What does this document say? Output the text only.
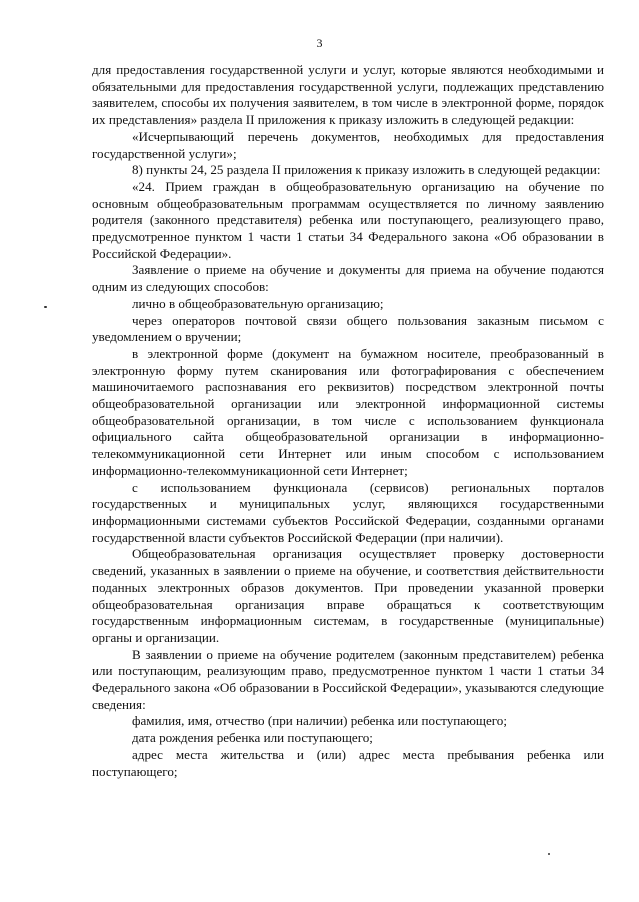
3

для предоставления государственной услуги и услуг, которые являются необходимыми и обязательными для предоставления государственной услуги, подлежащих представлению заявителем, способы их получения заявителем, в том числе в электронной форме, порядок их представления» раздела II приложения к приказу изложить в следующей редакции:

«Исчерпывающий перечень документов, необходимых для предоставления государственной услуги»;

8) пункты 24, 25 раздела II приложения к приказу изложить в следующей редакции:

«24. Прием граждан в общеобразовательную организацию на обучение по основным общеобразовательным программам осуществляется по личному заявлению родителя (законного представителя) ребенка или поступающего, реализующего право, предусмотренное пунктом 1 части 1 статьи 34 Федерального закона «Об образовании в Российской Федерации».

Заявление о приеме на обучение и документы для приема на обучение подаются одним из следующих способов:

лично в общеобразовательную организацию;

через операторов почтовой связи общего пользования заказным письмом с уведомлением о вручении;

в электронной форме (документ на бумажном носителе, преобразованный в электронную форму путем сканирования или фотографирования с обеспечением машиночитаемого распознавания его реквизитов) посредством электронной почты общеобразовательной организации или электронной информационной системы общеобразовательной организации, в том числе с использованием функционала официального сайта общеобразовательной организации в информационно-телекоммуникационной сети Интернет или иным способом с использованием информационно-телекоммуникационной сети Интернет;

с использованием функционала (сервисов) региональных порталов государственных и муниципальных услуг, являющихся государственными информационными системами субъектов Российской Федерации, созданными органами государственной власти субъектов Российской Федерации (при наличии).

Общеобразовательная организация осуществляет проверку достоверности сведений, указанных в заявлении о приеме на обучение, и соответствия действительности поданных электронных образов документов. При проведении указанной проверки общеобразовательная организация вправе обращаться к соответствующим государственным информационным системам, в государственные (муниципальные) органы и организации.

В заявлении о приеме на обучение родителем (законным представителем) ребенка или поступающим, реализующим право, предусмотренное пунктом 1 части 1 статьи 34 Федерального закона «Об образовании в Российской Федерации», указываются следующие сведения:

фамилия, имя, отчество (при наличии) ребенка или поступающего;

дата рождения ребенка или поступающего;

адрес места жительства и (или) адрес места пребывания ребенка или поступающего;
